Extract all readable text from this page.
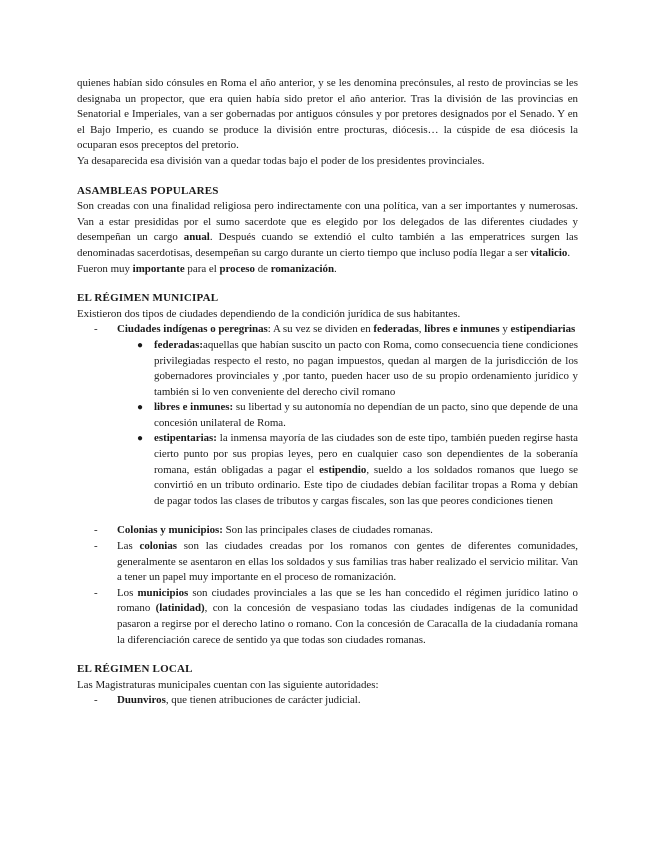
quienes habían sido cónsules en Roma el año anterior, y se les denomina precónsules, al resto de provincias se les designaba un propector, que era quien había sido pretor el año anterior. Tras la división de las provincias en Senatorial e Imperiales, van a ser gobernadas por antiguos cónsules y por pretores designados por el Senado. Y en el Bajo Imperio, es cuando se produce la división entre procturas, diócesis… la cúspide de esa diócesis la ocuparan esos preceptos del pretorio.

Ya desaparecida esa división van a quedar todas bajo el poder de los presidentes provinciales.

ASAMBLEAS POPULARES

Son creadas con una finalidad religiosa pero indirectamente con una política, van a ser importantes y numerosas. Van a estar presididas por el sumo sacerdote que es elegido por los delegados de las diferentes ciudades y desempeñan un cargo anual. Después cuando se extendió el culto también a las emperatrices surgen las denominadas sacerdotisas, desempeñan su cargo durante un cierto tiempo que incluso podía llegar a ser vitalicio.

Fueron muy importante para el proceso de romanización.

EL RÉGIMEN MUNICIPAL

Existieron dos tipos de ciudades dependiendo de la condición jurídica de sus habitantes.

- Ciudades indígenas o peregrinas: A su vez se dividen en federadas, libres e inmunes y estipendiarias
● federadas:aquellas que habían suscito un pacto con Roma, como consecuencia tiene condiciones privilegiadas respecto el resto, no pagan impuestos, quedan al margen de la jurisdicción de los gobernadores provinciales y ,por tanto, pueden hacer uso de su propio ordenamiento jurídico y también si lo ven conveniente del derecho civil romano
● libres e inmunes: su libertad y su autonomía no dependían de un pacto, sino que depende de una concesión unilateral de Roma.
● estipentarias: la inmensa mayoría de las ciudades son de este tipo, también pueden regirse hasta cierto punto por sus propias leyes, pero en cualquier caso son dependientes de la soberanía romana, están obligadas a pagar el estipendio, sueldo a los soldados romanos que luego se convirtió en un tributo ordinario. Este tipo de ciudades debían facilitar tropas a Roma y debían de pagar todos las clases de tributos y cargas fiscales, son las que peores condiciones tienen
- Colonias y municipios: Son las principales clases de ciudades romanas.
- Las colonias son las ciudades creadas por los romanos con gentes de diferentes comunidades, generalmente se asentaron en ellas los soldados y sus familias tras haber realizado el servicio militar. Van a tener un papel muy importante en el proceso de romanización.
- Los municipios son ciudades provinciales a las que se les han concedido el régimen jurídico latino o romano (latinidad), con la concesión de vespasiano todas las ciudades indígenas de la comunidad pasaron a regirse por el derecho latino o romano. Con la concesión de Caracalla de la ciudadanía romana la diferenciación carece de sentido ya que todas son ciudades romanas.
EL RÉGIMEN LOCAL

Las Magistraturas municipales cuentan con las siguiente autoridades:

- Duunviros, que tienen atribuciones de carácter judicial.
